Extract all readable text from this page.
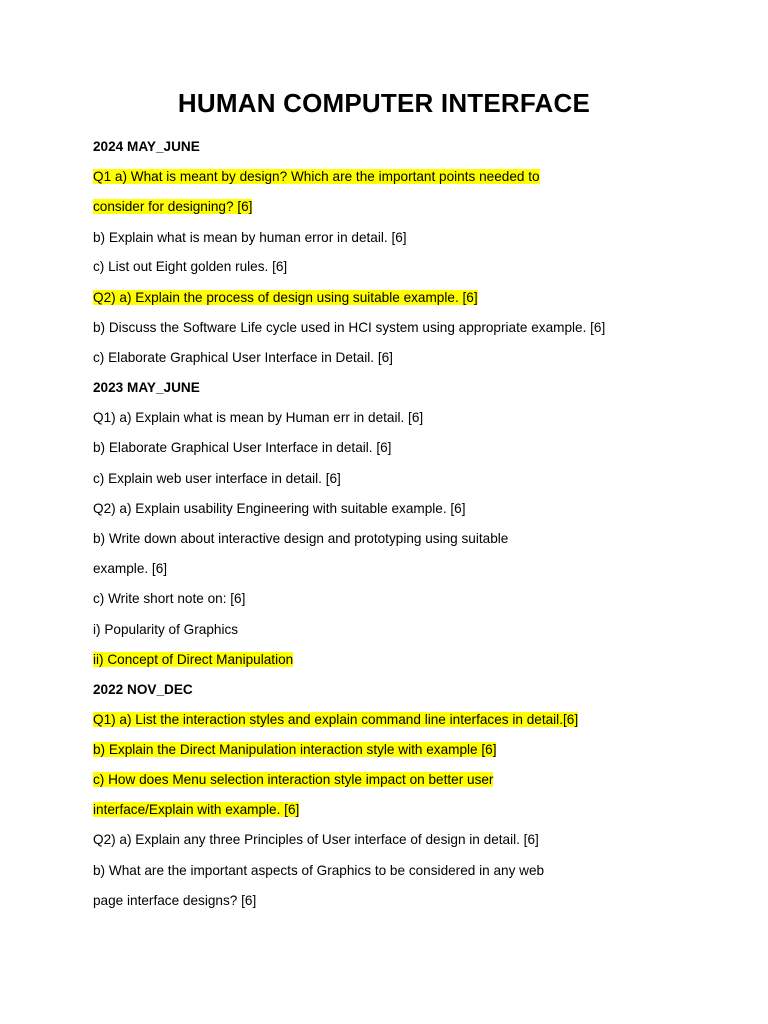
HUMAN COMPUTER INTERFACE
2024 MAY_JUNE
Q1 a) What is meant by design? Which are the important points needed to
consider for designing? [6]
b) Explain what is mean by human error in detail. [6]
c) List out Eight golden rules. [6]
Q2) a) Explain the process of design using suitable example. [6]
b) Discuss the Software Life cycle used in HCI system using appropriate example. [6]
c) Elaborate Graphical User Interface in Detail. [6]
2023 MAY_JUNE
Q1) a) Explain what is mean by Human err in detail. [6]
b) Elaborate Graphical User Interface in detail. [6]
c) Explain web user interface in detail. [6]
Q2) a) Explain usability Engineering with suitable example. [6]
b) Write down about interactive design and prototyping using suitable
example. [6]
c) Write short note on: [6]
i) Popularity of Graphics
ii) Concept of Direct Manipulation
2022 NOV_DEC
Q1) a) List the interaction styles and explain command line interfaces in detail.[6]
b) Explain the Direct Manipulation interaction style with example [6]
c) How does Menu selection interaction style impact on better user
interface/Explain with example. [6]
Q2) a) Explain any three Principles of User interface of design in detail. [6]
b) What are the important aspects of Graphics to be considered in any web
page interface designs? [6]
